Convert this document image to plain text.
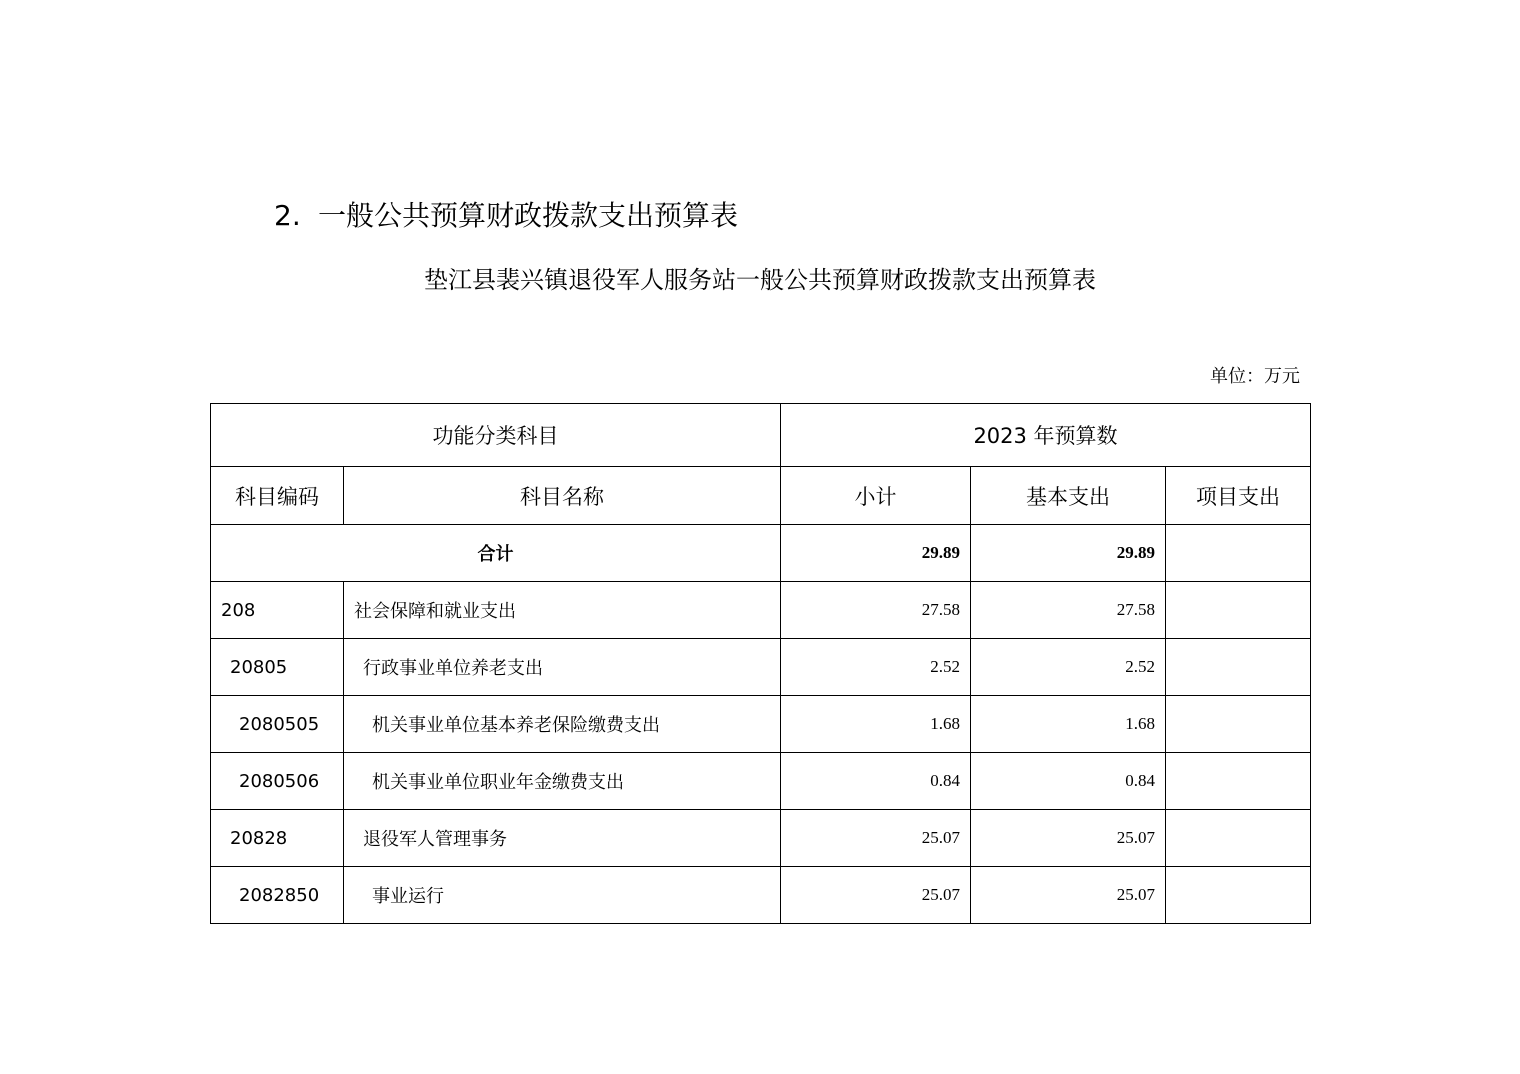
2. 一般公共预算财政拨款支出预算表
垫江县裴兴镇退役军人服务站一般公共预算财政拨款支出预算表
单位：万元
功能分类科目		2023 年预算数		
科目编码	科目名称	小计	基本支出	项目支出
合计		29.89	29.89	
208	社会保障和就业支出	27.58	27.58	
20805	行政事业单位养老支出	2.52	2.52	
2080505	机关事业单位基本养老保险缴费支出	1.68	1.68	
2080506	机关事业单位职业年金缴费支出	0.84	0.84	
20828	退役军人管理事务	25.07	25.07	
2082850	事业运行	25.07	25.07	
